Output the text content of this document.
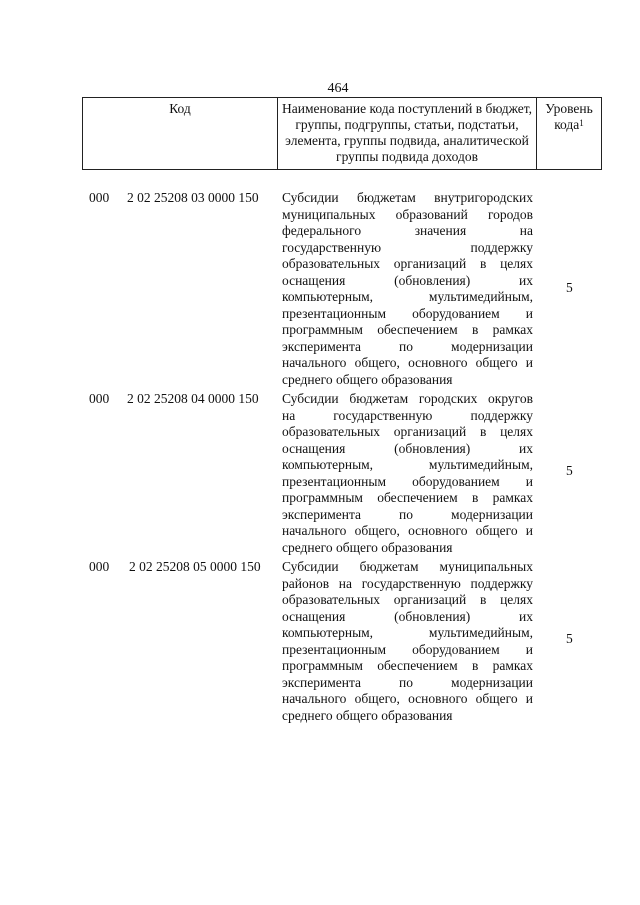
464
Код	Наименование кода поступлений в бюджет, группы, подгруппы, статьи, подстатьи, элемента, группы подвида, аналитической группы подвида доходов
Уровень кода$^1$
000 2 02 25208 03 0000 150 Субсидии бюджетам внутригородских
муниципальных образований городов
федерального значения на
государственную поддержку
образовательных организаций в целях
оснащения (обновления) их
компьютерным, мультимедийным,
презентационным оборудованием и
программным обеспечением в рамках
эксперимента по модернизации
начального общего, основного общего и
среднего общего образования
5
000 2 02 25208 04 0000 150 Субсидии бюджетам городских округов
на государственную поддержку
образовательных организаций в целях
оснащения (обновления) их
компьютерным, мультимедийным,
презентационным оборудованием и
программным обеспечением в рамках
эксперимента по модернизации
начального общего, основного общего и
среднего общего образования
5
000 2 02 25208 05 0000 150 Субсидии бюджетам муниципальных
районов на государственную поддержку
образовательных организаций в целях
оснащения (обновления) их
компьютерным, мультимедийным,
презентационным оборудованием и
программным обеспечением в рамках
эксперимента по модернизации
начального общего, основного общего и
среднего общего образования
5
